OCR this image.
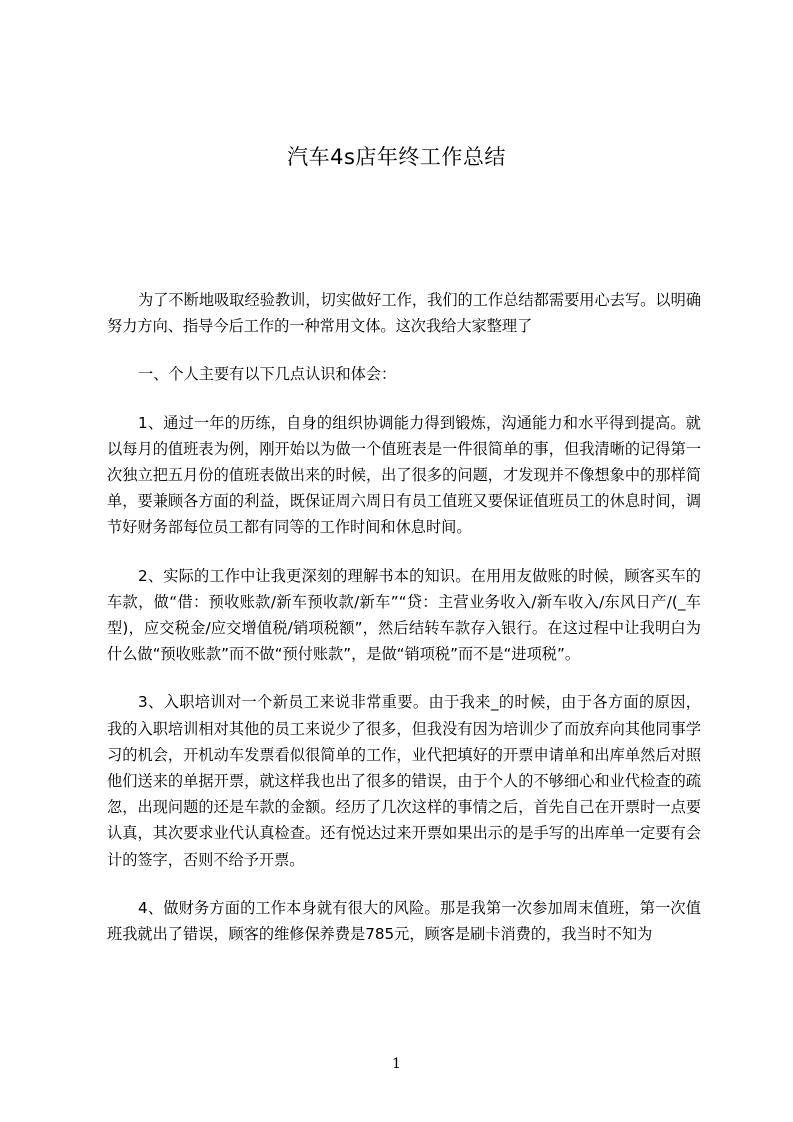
汽车4s店年终工作总结

为了不断地吸取经验教训，切实做好工作，我们的工作总结都需要用心去写。以明确努力方向、指导今后工作的一种常用文体。这次我给大家整理了

一、个人主要有以下几点认识和体会：

1、通过一年的历练，自身的组织协调能力得到锻炼，沟通能力和水平得到提高。就以每月的值班表为例，刚开始以为做一个值班表是一件很简单的事，但我清晰的记得第一次独立把五月份的值班表做出来的时候，出了很多的问题，才发现并不像想象中的那样简单，要兼顾各方面的利益，既保证周六周日有员工值班又要保证值班员工的休息时间，调节好财务部每位员工都有同等的工作时间和休息时间。

2、实际的工作中让我更深刻的理解书本的知识。在用用友做账的时候，顾客买车的车款，做“借：预收账款/新车预收款/新车”“贷：主营业务收入/新车收入/东风日产/(_车型)，应交税金/应交增值税/销项税额”，然后结转车款存入银行。在这过程中让我明白为什么做“预收账款”而不做“预付账款”，是做“销项税”而不是“进项税”。

3、入职培训对一个新员工来说非常重要。由于我来_的时候，由于各方面的原因，我的入职培训相对其他的员工来说少了很多，但我没有因为培训少了而放弃向其他同事学习的机会，开机动车发票看似很简单的工作，业代把填好的开票申请单和出库单然后对照他们送来的单据开票，就这样我也出了很多的错误，由于个人的不够细心和业代检查的疏忽，出现问题的还是车款的金额。经历了几次这样的事情之后，首先自己在开票时一点要认真，其次要求业代认真检查。还有悦达过来开票如果出示的是手写的出库单一定要有会计的签字，否则不给予开票。

4、做财务方面的工作本身就有很大的风险。那是我第一次参加周末值班，第一次值班我就出了错误，顾客的维修保养费是785元，顾客是刷卡消费的，我当时不知为

1
